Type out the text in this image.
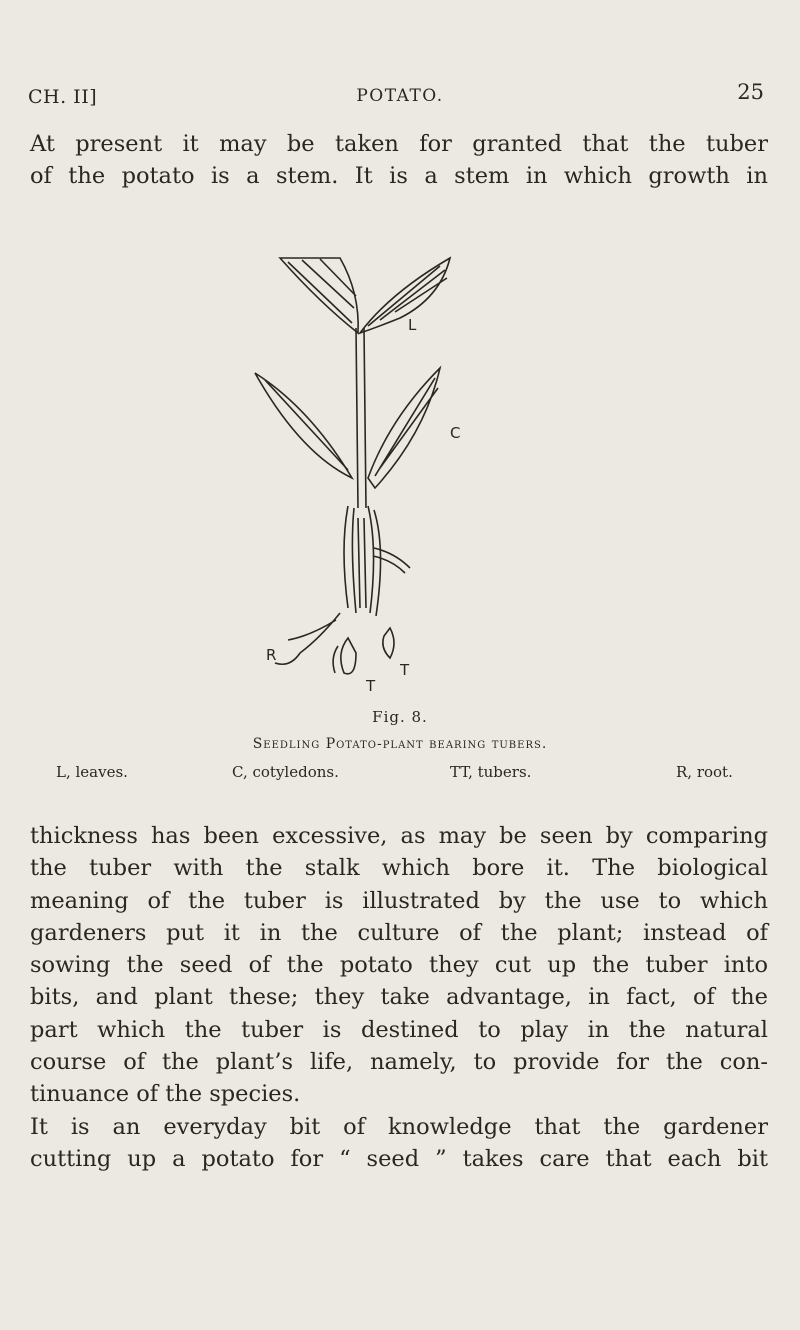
CH. II]	POTATO.	25
At present it may be taken for granted that the tuber
of the potato is a stem. It is a stem in which growth in
L
C
R
T
T
Fig. 8.
Seedling Potato-plant bearing tubers.
L, leaves.	C, cotyledons.	TT, tubers.	R, root.
thickness has been excessive, as may be seen by comparing
the tuber with the stalk which bore it. The biological
meaning of the tuber is illustrated by the use to which
gardeners put it in the culture of the plant; instead of
sowing the seed of the potato they cut up the tuber into
bits, and plant these; they take advantage, in fact, of the
part which the tuber is destined to play in the natural
course of the plant’s life, namely, to provide for the con-
tinuance of the species.
It is an everyday bit of knowledge that the gardener
cutting up a potato for “ seed ” takes care that each bit
